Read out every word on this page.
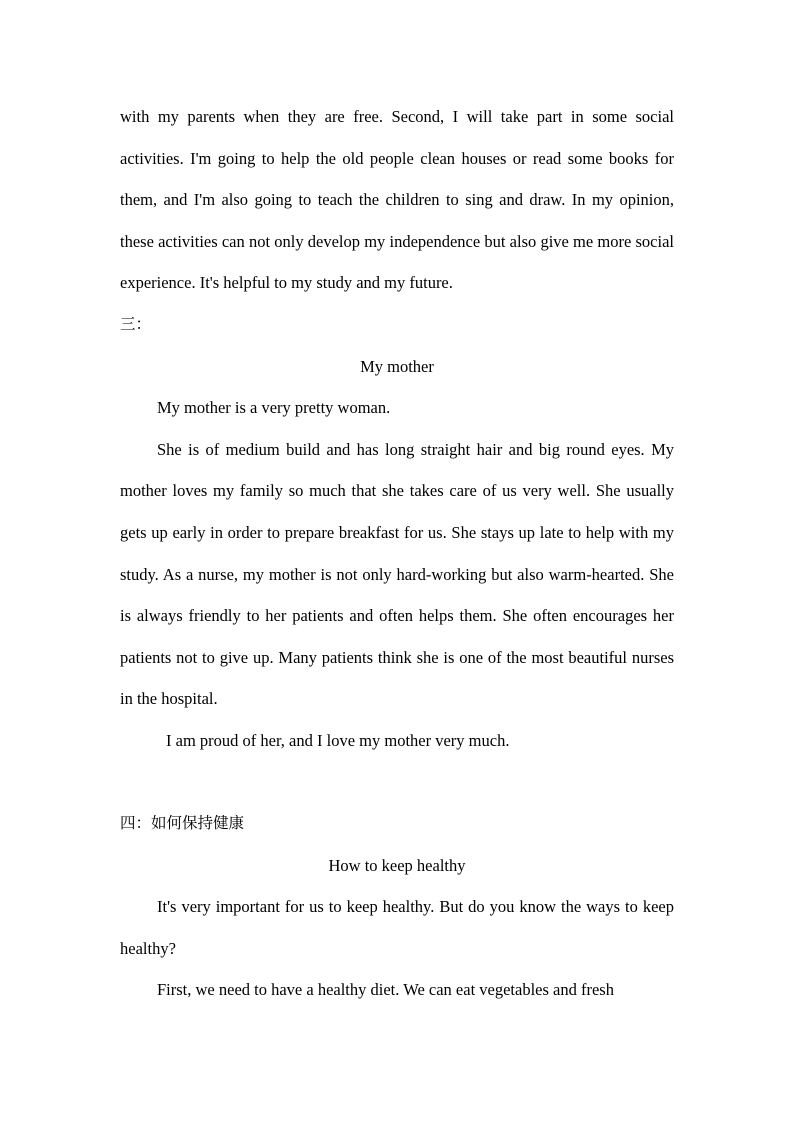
with my parents when they are free. Second, I will take part in some social activities. I'm going to help the old people clean houses or read some books for them, and I'm also going to teach the children to sing and draw. In my opinion, these activities can not only develop my independence but also give me more social experience. It's helpful to my study and my future.

三：

My mother

My mother is a very pretty woman.

She is of medium build and has long straight hair and big round eyes. My mother loves my family so much that she takes care of us very well. She usually gets up early in order to prepare breakfast for us. She stays up late to help with my study. As a nurse, my mother is not only hard-working but also warm-hearted. She is always friendly to her patients and often helps them. She often encourages her patients not to give up. Many patients think she is one of the most beautiful nurses in the hospital.

I am proud of her, and I love my mother very much.

四：如何保持健康

How to keep healthy

It's very important for us to keep healthy. But do you know the ways to keep healthy?

First, we need to have a healthy diet. We can eat vegetables and fresh
